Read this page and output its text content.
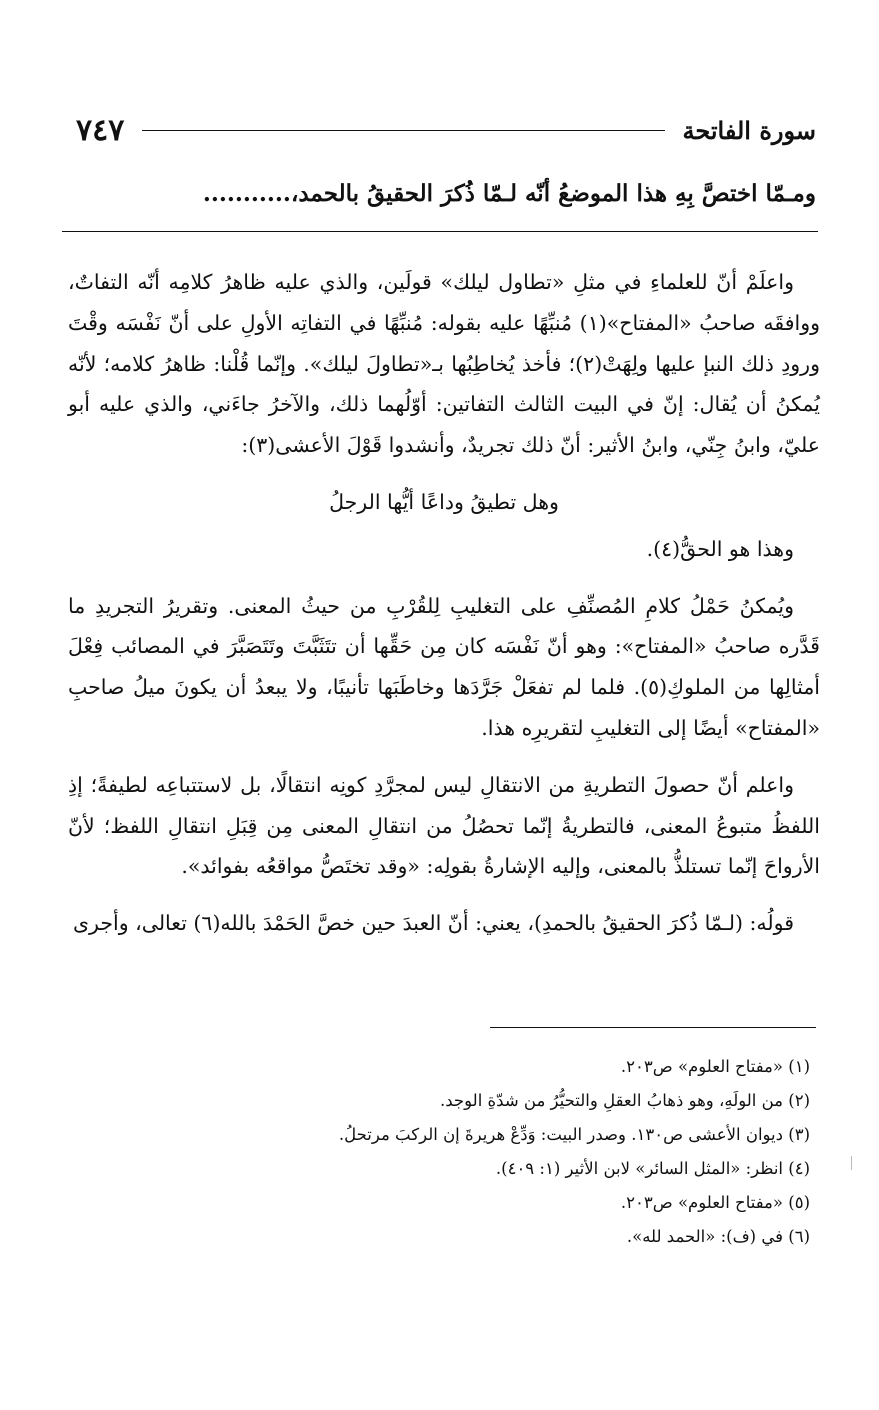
٧٤٧	سورة الفاتحة
ومـمّا اختصَّ بِهِ هذا الموضعُ أنّه لـمّا ذُكرَ الحقيقُ بالحمد،...........

واعلَمْ أنّ للعلماءِ في مثلِ «تطاول ليلك» قولَين، والذي عليه ظاهرُ كلامِه أنّه التفاتٌ، ووافقَه صاحبُ «المفتاح»(١) مُنبِّهًا عليه بقوله: مُنبِّهًا في التفاتِه الأولِ على أنّ نَفْسَه وقْتَ ورودِ ذلك النبإ عليها ولِهَتْ(٢)؛ فأخذ يُخاطِبُها بـ«تطاولَ ليلك». وإنّما قُلْنا: ظاهرُ كلامه؛ لأنّه يُمكنُ أن يُقال: إنّ في البيت الثالث التفاتين: أوّلُهما ذلك، والآخرُ جاءَني، والذي عليه أبو عليّ، وابنُ جِنّي، وابنُ الأثير: أنّ ذلك تجريدٌ، وأنشدوا قَوْلَ الأعشى(٣):

وهل تطيقُ وداعًا أيُّها الرجلُ

وهذا هو الحقُّ(٤).

ويُمكنُ حَمْلُ كلامِ المُصنِّفِ على التغليبِ لِلقُرْبِ من حيثُ المعنى. وتقريرُ التجريدِ ما قَدَّره صاحبُ «المفتاح»: وهو أنّ نَفْسَه كان مِن حَقِّها أن تتَثَبَّتَ وتَتَصَبَّرَ في المصائب فِعْلَ أمثالِها من الملوكِ(٥). فلما لم تفعَلْ جَرَّدَها وخاطَبَها تأنيبًا، ولا يبعدُ أن يكونَ ميلُ صاحبِ «المفتاح» أيضًا إلى التغليبِ لتقريرِه هذا.

واعلم أنّ حصولَ التطريةِ من الانتقالِ ليس لمجرَّدِ كونِه انتقالًا، بل لاستتباعِه لطيفةً؛ إذِ اللفظُ متبوعُ المعنى، فالتطريةُ إنّما تحصُلُ من انتقالِ المعنى مِن قِبَلِ انتقالِ اللفظ؛ لأنّ الأرواحَ إنّما تستلذُّ بالمعنى، وإليه الإشارةُ بقولِه: «وقد تختَصُّ مواقعُه بفوائد».

قولُه: (لـمّا ذُكرَ الحقيقُ بالحمدِ)، يعني: أنّ العبدَ حين خصَّ الحَمْدَ بالله(٦) تعالى، وأجرى

(١) «مفتاح العلوم» ص٢٠٣.
(٢) من الولَهِ، وهو ذهابُ العقلِ والتحيُّرُ من شدّةِ الوجد.
(٣) ديوان الأعشى ص١٣٠. وصدر البيت: وَدِّعْ هريرةَ إن الركبَ مرتحلُ.
(٤) انظر: «المثل السائر» لابن الأثير (١: ٤٠٩).
(٥) «مفتاح العلوم» ص٢٠٣.
(٦) في (ف): «الحمد لله».
